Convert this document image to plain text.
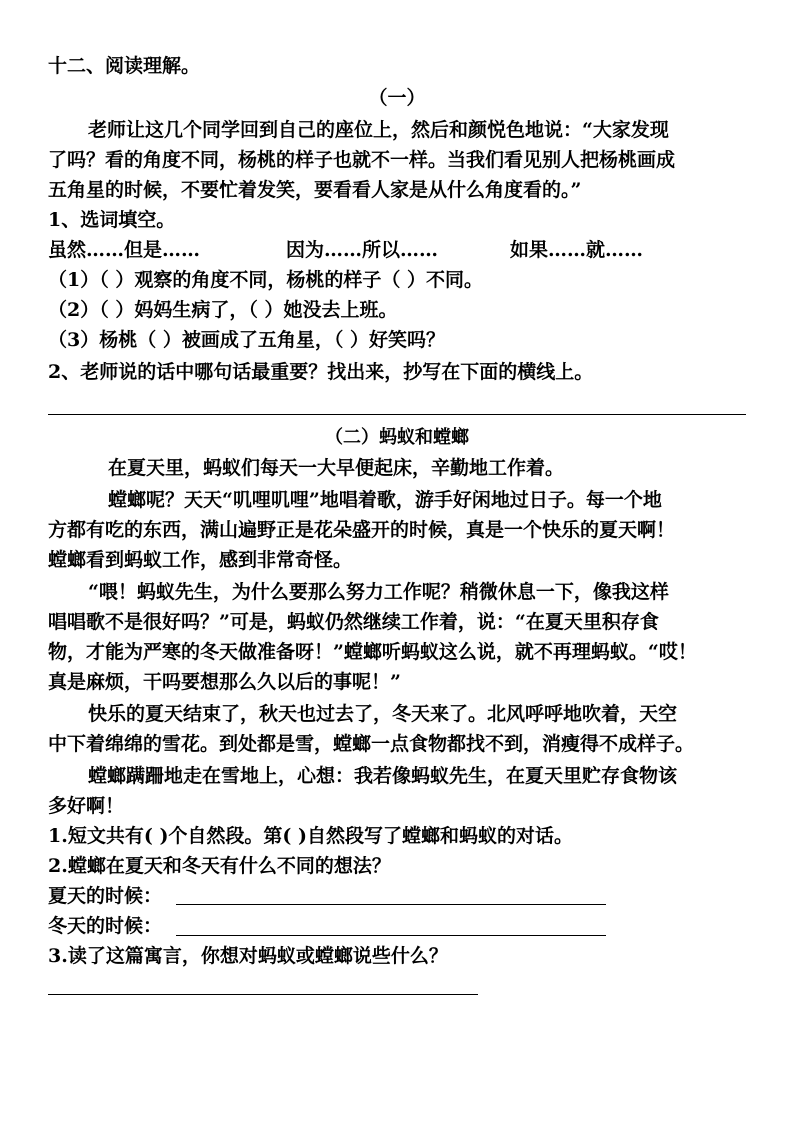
十二、阅读理解。
（一）
老师让这几个同学回到自己的座位上，然后和颜悦色地说：“大家发现
了吗？看的角度不同，杨桃的样子也就不一样。当我们看见别人把杨桃画成
五角星的时候，不要忙着发笑，要看看人家是从什么角度看的。”
1、选词填空。
虽然……但是……	因为……所以……	如果……就……
（1）（ ）观察的角度不同，杨桃的样子（ ）不同。
（2）（ ）妈妈生病了，（ ）她没去上班。
（3）杨桃（ ）被画成了五角星，（ ）好笑吗？
2、老师说的话中哪句话最重要？找出来，抄写在下面的横线上。
（二）蚂蚁和螳螂
在夏天里，蚂蚁们每天一大早便起床，辛勤地工作着。
螳螂呢？天天“叽哩叽哩”地唱着歌，游手好闲地过日子。每一个地
方都有吃的东西，满山遍野正是花朵盛开的时候，真是一个快乐的夏天啊！
螳螂看到蚂蚁工作，感到非常奇怪。
“喂！蚂蚁先生，为什么要那么努力工作呢？稍微休息一下，像我这样
唱唱歌不是很好吗？”可是，蚂蚁仍然继续工作着，说：“在夏天里积存食
物，才能为严寒的冬天做准备呀！”螳螂听蚂蚁这么说，就不再理蚂蚁。“哎！
真是麻烦，干吗要想那么久以后的事呢！”
快乐的夏天结束了，秋天也过去了，冬天来了。北风呼呼地吹着，天空
中下着绵绵的雪花。到处都是雪，螳螂一点食物都找不到，消瘦得不成样子。
螳螂蹒跚地走在雪地上，心想：我若像蚂蚁先生，在夏天里贮存食物该
多好啊！
1.短文共有( )个自然段。第( )自然段写了螳螂和蚂蚁的对话。
2.螳螂在夏天和冬天有什么不同的想法？
夏天的时候：
冬天的时候：
3.读了这篇寓言，你想对蚂蚁或螳螂说些什么？
